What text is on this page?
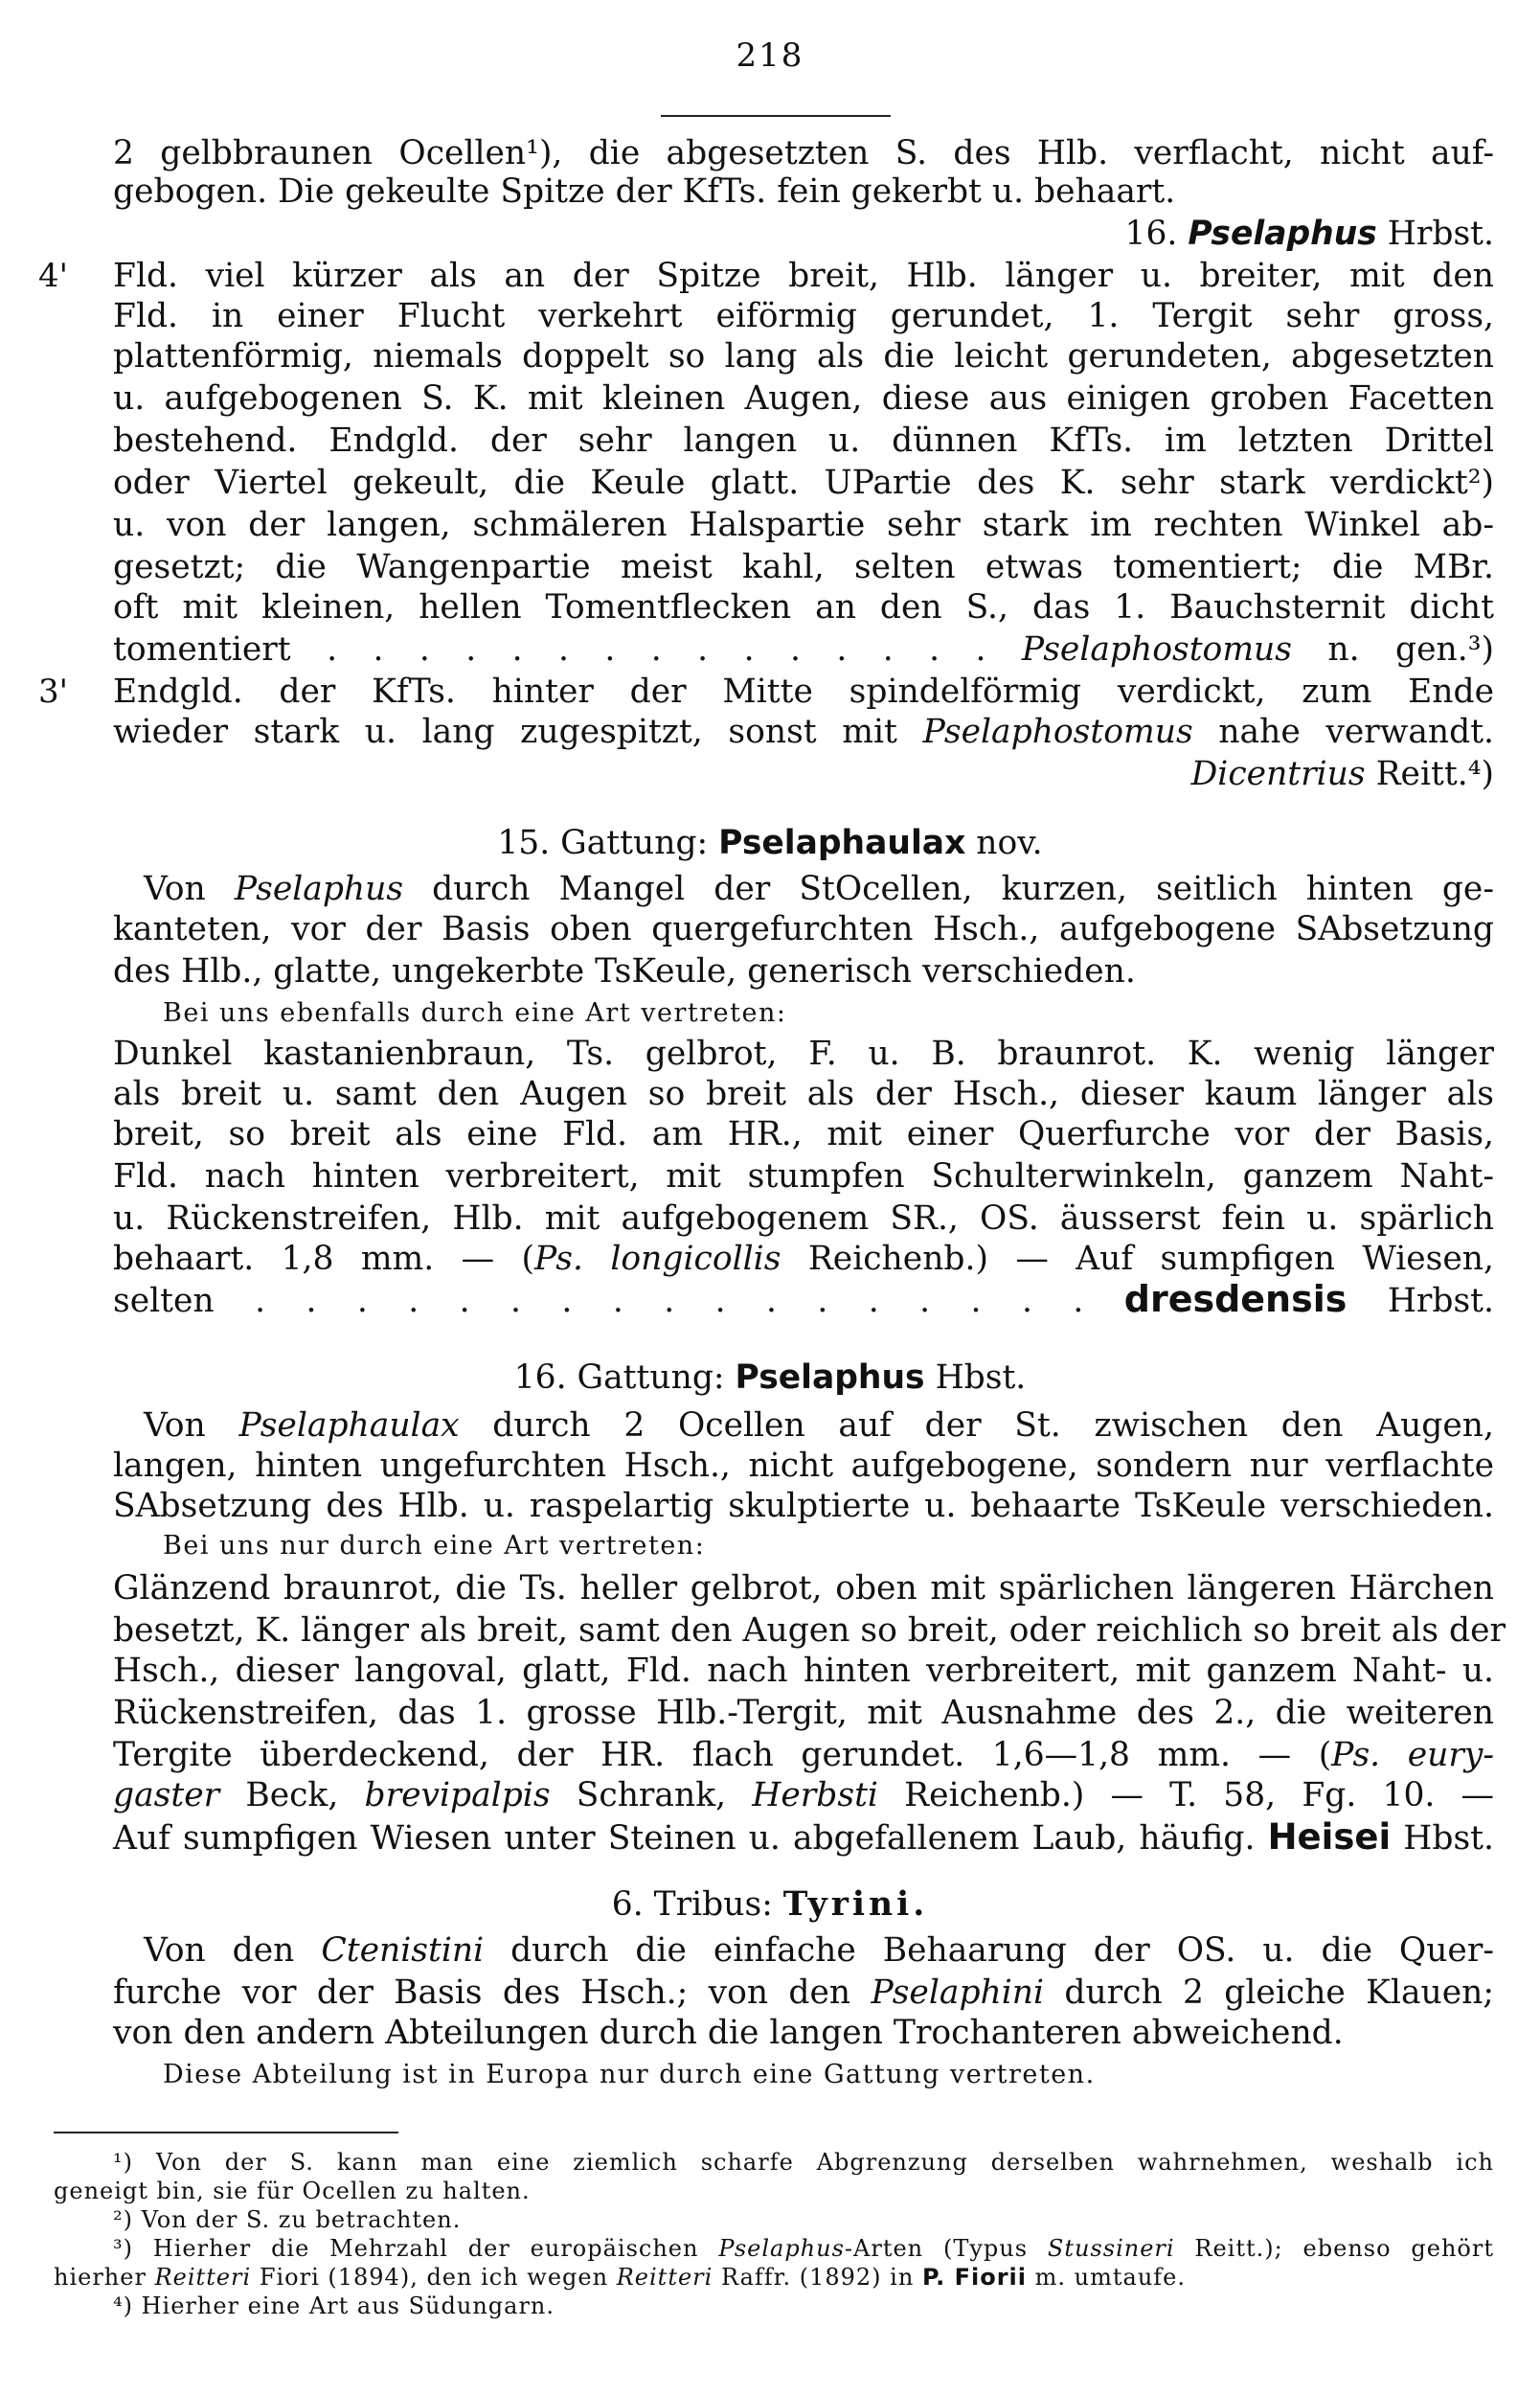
218
2 gelbbraunen Ocellen¹), die abgesetzten S. des Hlb. verflacht, nicht auf-
gebogen. Die gekeulte Spitze der KfTs. fein gekerbt u. behaart.
16. Pselaphus Hrbst.
4' Fld. viel kürzer als an der Spitze breit, Hlb. länger u. breiter, mit den
Fld. in einer Flucht verkehrt eiförmig gerundet, 1. Tergit sehr gross,
plattenförmig, niemals doppelt so lang als die leicht gerundeten, abgesetzten
u. aufgebogenen S. K. mit kleinen Augen, diese aus einigen groben Facetten
bestehend. Endgld. der sehr langen u. dünnen KfTs. im letzten Drittel
oder Viertel gekeult, die Keule glatt. UPartie des K. sehr stark verdickt²)
u. von der langen, schmäleren Halspartie sehr stark im rechten Winkel ab-
gesetzt; die Wangenpartie meist kahl, selten etwas tomentiert; die MBr.
oft mit kleinen, hellen Tomentflecken an den S., das 1. Bauchsternit dicht
tomentiert . . . . . . . . . . . . . . . Pselaphostomus n. gen.³)
3' Endgld. der KfTs. hinter der Mitte spindelförmig verdickt, zum Ende
wieder stark u. lang zugespitzt, sonst mit Pselaphostomus nahe verwandt.
Dicentrius Reitt.⁴)
15. Gattung: Pselaphaulax nov.
Von Pselaphus durch Mangel der StOcellen, kurzen, seitlich hinten ge-
kanteten, vor der Basis oben quergefurchten Hsch., aufgebogene SAbsetzung
des Hlb., glatte, ungekerbte TsKeule, generisch verschieden.
Bei uns ebenfalls durch eine Art vertreten:
Dunkel kastanienbraun, Ts. gelbrot, F. u. B. braunrot. K. wenig länger
als breit u. samt den Augen so breit als der Hsch., dieser kaum länger als
breit, so breit als eine Fld. am HR., mit einer Querfurche vor der Basis,
Fld. nach hinten verbreitert, mit stumpfen Schulterwinkeln, ganzem Naht-
u. Rückenstreifen, Hlb. mit aufgebogenem SR., OS. äusserst fein u. spärlich
behaart. 1,8 mm. — (Ps. longicollis Reichenb.) — Auf sumpfigen Wiesen,
selten . . . . . . . . . . . . . . . . . dresdensis Hrbst.
16. Gattung: Pselaphus Hbst.
Von Pselaphaulax durch 2 Ocellen auf der St. zwischen den Augen,
langen, hinten ungefurchten Hsch., nicht aufgebogene, sondern nur verflachte
SAbsetzung des Hlb. u. raspelartig skulptierte u. behaarte TsKeule verschieden.
Bei uns nur durch eine Art vertreten:
Glänzend braunrot, die Ts. heller gelbrot, oben mit spärlichen längeren Härchen
besetzt, K. länger als breit, samt den Augen so breit, oder reichlich so breit als der
Hsch., dieser langoval, glatt, Fld. nach hinten verbreitert, mit ganzem Naht- u.
Rückenstreifen, das 1. grosse Hlb.-Tergit, mit Ausnahme des 2., die weiteren
Tergite überdeckend, der HR. flach gerundet. 1,6—1,8 mm. — (Ps. eury-
gaster Beck, brevipalpis Schrank, Herbsti Reichenb.) — T. 58, Fg. 10. —
Auf sumpfigen Wiesen unter Steinen u. abgefallenem Laub, häufig. Heisei Hbst.
6. Tribus: Tyrini.
Von den Ctenistini durch die einfache Behaarung der OS. u. die Quer-
furche vor der Basis des Hsch.; von den Pselaphini durch 2 gleiche Klauen;
von den andern Abteilungen durch die langen Trochanteren abweichend.
Diese Abteilung ist in Europa nur durch eine Gattung vertreten.
¹) Von der S. kann man eine ziemlich scharfe Abgrenzung derselben wahrnehmen, weshalb ich
geneigt bin, sie für Ocellen zu halten.
²) Von der S. zu betrachten.
³) Hierher die Mehrzahl der europäischen Pselaphus-Arten (Typus Stussineri Reitt.); ebenso gehört
hierher Reitteri Fiori (1894), den ich wegen Reitteri Raffr. (1892) in P. Fiorii m. umtaufe.
⁴) Hierher eine Art aus Südungarn.
